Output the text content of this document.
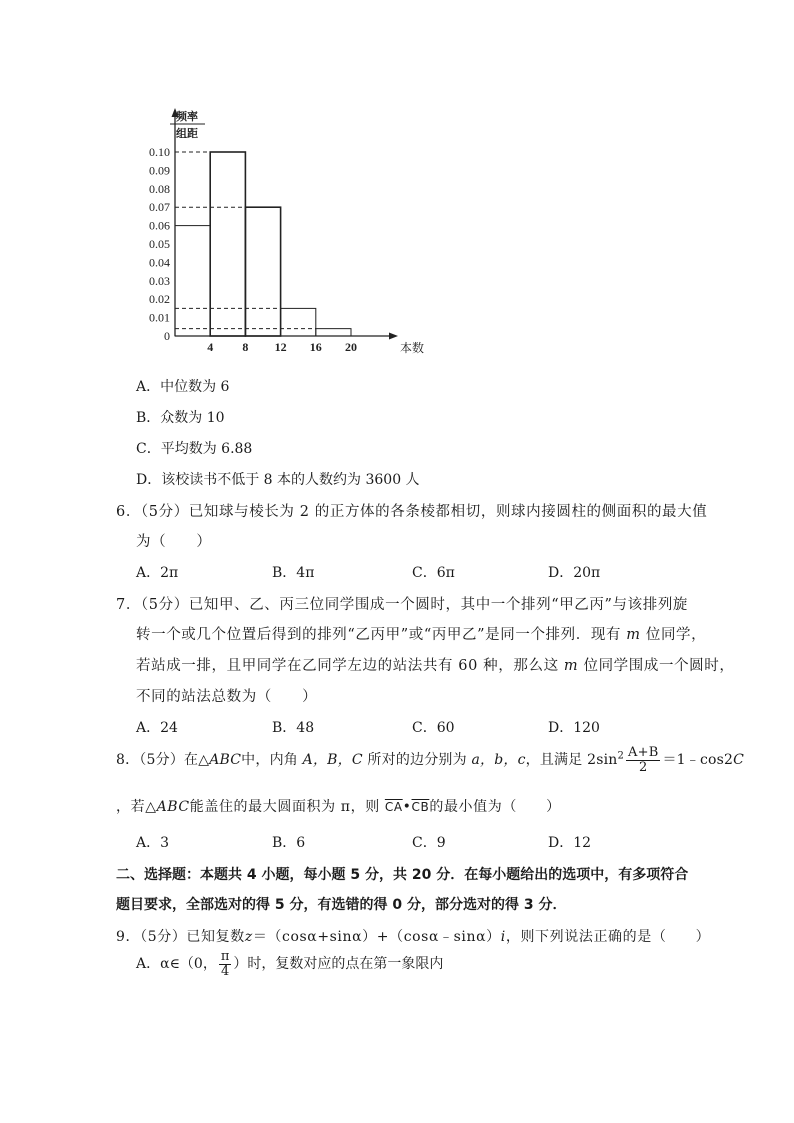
0
0.01
0.02
0.03
0.04
0.05
0.06
0.07
0.08
0.09
0.10
4 8 12 16 20	本数
频率
组距
A．中位数为 6
B．众数为 10
C．平均数为 6.88
D．该校读书不低于 8 本的人数约为 3600 人
6．（5分）已知球与棱长为 2 的正方体的各条棱都相切，则球内接圆柱的侧面积的最大值
为（　　）
A．2π	B．4π	C．6π	D．20π
7．（5分）已知甲、乙、丙三位同学围成一个圆时，其中一个排列“甲乙丙”与该排列旋
转一个或几个位置后得到的排列“乙丙甲”或“丙甲乙”是同一个排列．现有 m 位同学，
若站成一排，且甲同学在乙同学左边的站法共有 60 种，那么这 m 位同学围成一个圆时，
不同的站法总数为（　　）
A．24	B．48	C．60	D．120
8．（5分）在△ABC中，内角 A，B，C 所对的边分别为 a，b，c，且满足 $2\sin^2 \frac{A+B}{2}$ ＝1﹣cos2C
，若△ABC能盖住的最大圆面积为 π，则 $\overline{CA}•\overline{CB}$的最小值为（　　）
A．3	B．6	C．9	D．12
二、选择题：本题共 4 小题，每小题 5 分，共 20 分．在每小题给出的选项中，有多项符合
题目要求，全部选对的得 5 分，有选错的得 0 分，部分选对的得 3 分．
9．（5分）已知复数z＝（cosα+sinα）+（cosα﹣sinα）i，则下列说法正确的是（　　）
A．α∈（0， $\frac{\pi}{4}$ ）时，复数对应的点在第一象限内
